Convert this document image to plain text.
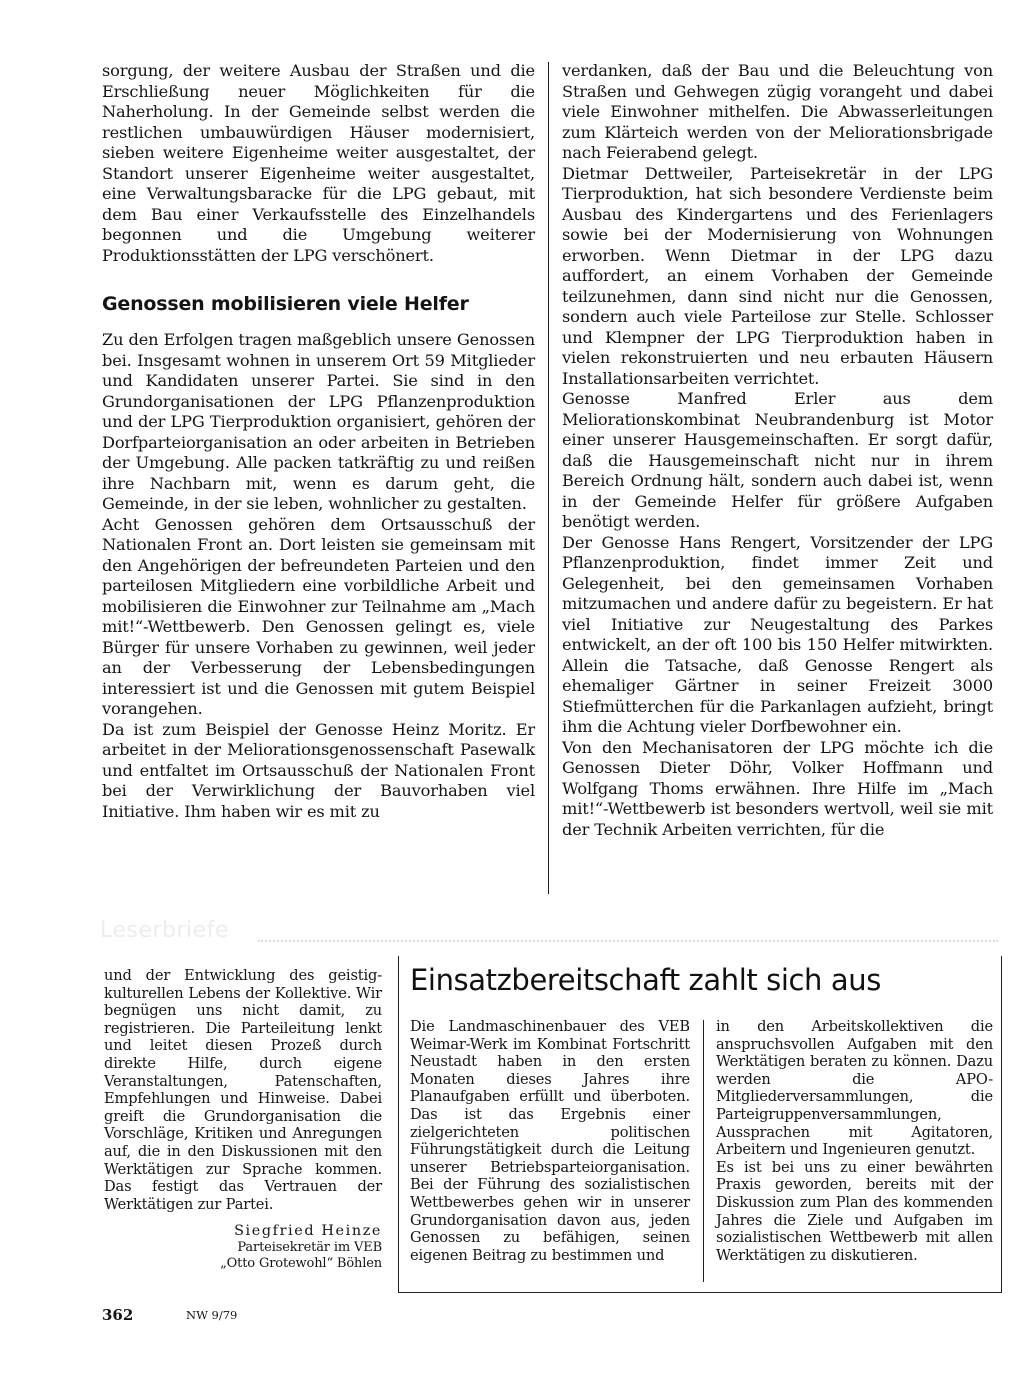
sorgung, der weitere Ausbau der Straßen und die Erschließung neuer Möglichkeiten für die Naherholung. In der Gemeinde selbst werden die restlichen umbauwürdigen Häuser modernisiert, sieben weitere Eigenheime weiter ausgestaltet, der Standort unserer Eigenheime weiter ausgestaltet, eine Verwaltungsbaracke für die LPG gebaut, mit dem Bau einer Verkaufsstelle des Einzelhandels begonnen und die Umgebung weiterer Produktionsstätten der LPG verschönert.

Genossen mobilisieren viele Helfer

Zu den Erfolgen tragen maßgeblich unsere Genossen bei. Insgesamt wohnen in unserem Ort 59 Mitglieder und Kandidaten unserer Partei. Sie sind in den Grundorganisationen der LPG Pflanzenproduktion und der LPG Tierproduktion organisiert, gehören der Dorfparteiorganisation an oder arbeiten in Betrieben der Umgebung. Alle packen tatkräftig zu und reißen ihre Nachbarn mit, wenn es darum geht, die Gemeinde, in der sie leben, wohnlicher zu gestalten.

Acht Genossen gehören dem Ortsausschuß der Nationalen Front an. Dort leisten sie gemeinsam mit den Angehörigen der befreundeten Parteien und den parteilosen Mitgliedern eine vorbildliche Arbeit und mobilisieren die Einwohner zur Teilnahme am „Mach mit!“-Wettbewerb. Den Genossen gelingt es, viele Bürger für unsere Vorhaben zu gewinnen, weil jeder an der Verbesserung der Lebensbedingungen interessiert ist und die Genossen mit gutem Beispiel vorangehen.

Da ist zum Beispiel der Genosse Heinz Moritz. Er arbeitet in der Meliorationsgenossenschaft Pasewalk und entfaltet im Ortsausschuß der Nationalen Front bei der Verwirklichung der Bauvorhaben viel Initiative. Ihm haben wir es mit zu

verdanken, daß der Bau und die Beleuchtung von Straßen und Gehwegen zügig vorangeht und dabei viele Einwohner mithelfen. Die Abwasserleitungen zum Klärteich werden von der Meliorationsbrigade nach Feierabend gelegt.

Dietmar Dettweiler, Parteisekretär in der LPG Tierproduktion, hat sich besondere Verdienste beim Ausbau des Kindergartens und des Ferienlagers sowie bei der Modernisierung von Wohnungen erworben. Wenn Dietmar in der LPG dazu auffordert, an einem Vorhaben der Gemeinde teilzunehmen, dann sind nicht nur die Genossen, sondern auch viele Parteilose zur Stelle. Schlosser und Klempner der LPG Tierproduktion haben in vielen rekonstruierten und neu erbauten Häusern Installationsarbeiten verrichtet.

Genosse Manfred Erler aus dem Meliorationskombinat Neubrandenburg ist Motor einer unserer Hausgemeinschaften. Er sorgt dafür, daß die Hausgemeinschaft nicht nur in ihrem Bereich Ordnung hält, sondern auch dabei ist, wenn in der Gemeinde Helfer für größere Aufgaben benötigt werden.

Der Genosse Hans Rengert, Vorsitzender der LPG Pflanzenproduktion, findet immer Zeit und Gelegenheit, bei den gemeinsamen Vorhaben mitzumachen und andere dafür zu begeistern. Er hat viel Initiative zur Neugestaltung des Parkes entwickelt, an der oft 100 bis 150 Helfer mitwirkten. Allein die Tatsache, daß Genosse Rengert als ehemaliger Gärtner in seiner Freizeit 3000 Stiefmütterchen für die Parkanlagen aufzieht, bringt ihm die Achtung vieler Dorfbewohner ein.

Von den Mechanisatoren der LPG möchte ich die Genossen Dieter Döhr, Volker Hoffmann und Wolfgang Thoms erwähnen. Ihre Hilfe im „Mach mit!“-Wettbewerb ist besonders wertvoll, weil sie mit der Technik Arbeiten verrichten, für die

Leserbriefe

und der Entwicklung des geistig-kulturellen Lebens der Kollektive. Wir begnügen uns nicht damit, zu registrieren. Die Parteileitung lenkt und leitet diesen Prozeß durch direkte Hilfe, durch eigene Veranstaltungen, Patenschaften, Empfehlungen und Hinweise. Dabei greift die Grundorganisation die Vorschläge, Kritiken und Anregungen auf, die in den Diskussionen mit den Werktätigen zur Sprache kommen. Das festigt das Vertrauen der Werktätigen zur Partei.

Siegfried Heinze
Parteisekretär im VEB
„Otto Grotewohl“ Böhlen
Einsatzbereitschaft zahlt sich aus

Die Landmaschinenbauer des VEB Weimar-Werk im Kombinat Fortschritt Neustadt haben in den ersten Monaten dieses Jahres ihre Planaufgaben erfüllt und überboten. Das ist das Ergebnis einer zielgerichteten politischen Führungstätigkeit durch die Leitung unserer Betriebsparteiorganisation. Bei der Führung des sozialistischen Wettbewerbes gehen wir in unserer Grundorganisation davon aus, jeden Genossen zu befähigen, seinen eigenen Beitrag zu bestimmen und

in den Arbeitskollektiven die anspruchsvollen Aufgaben mit den Werktätigen beraten zu können. Dazu werden die APO-Mitgliederversammlungen, die Parteigruppenversammlungen, Aussprachen mit Agitatoren, Arbeitern und Ingenieuren genutzt.

Es ist bei uns zu einer bewährten Praxis geworden, bereits mit der Diskussion zum Plan des kommenden Jahres die Ziele und Aufgaben im sozialistischen Wettbewerb mit allen Werktätigen zu diskutieren.

362	NW 9/79
